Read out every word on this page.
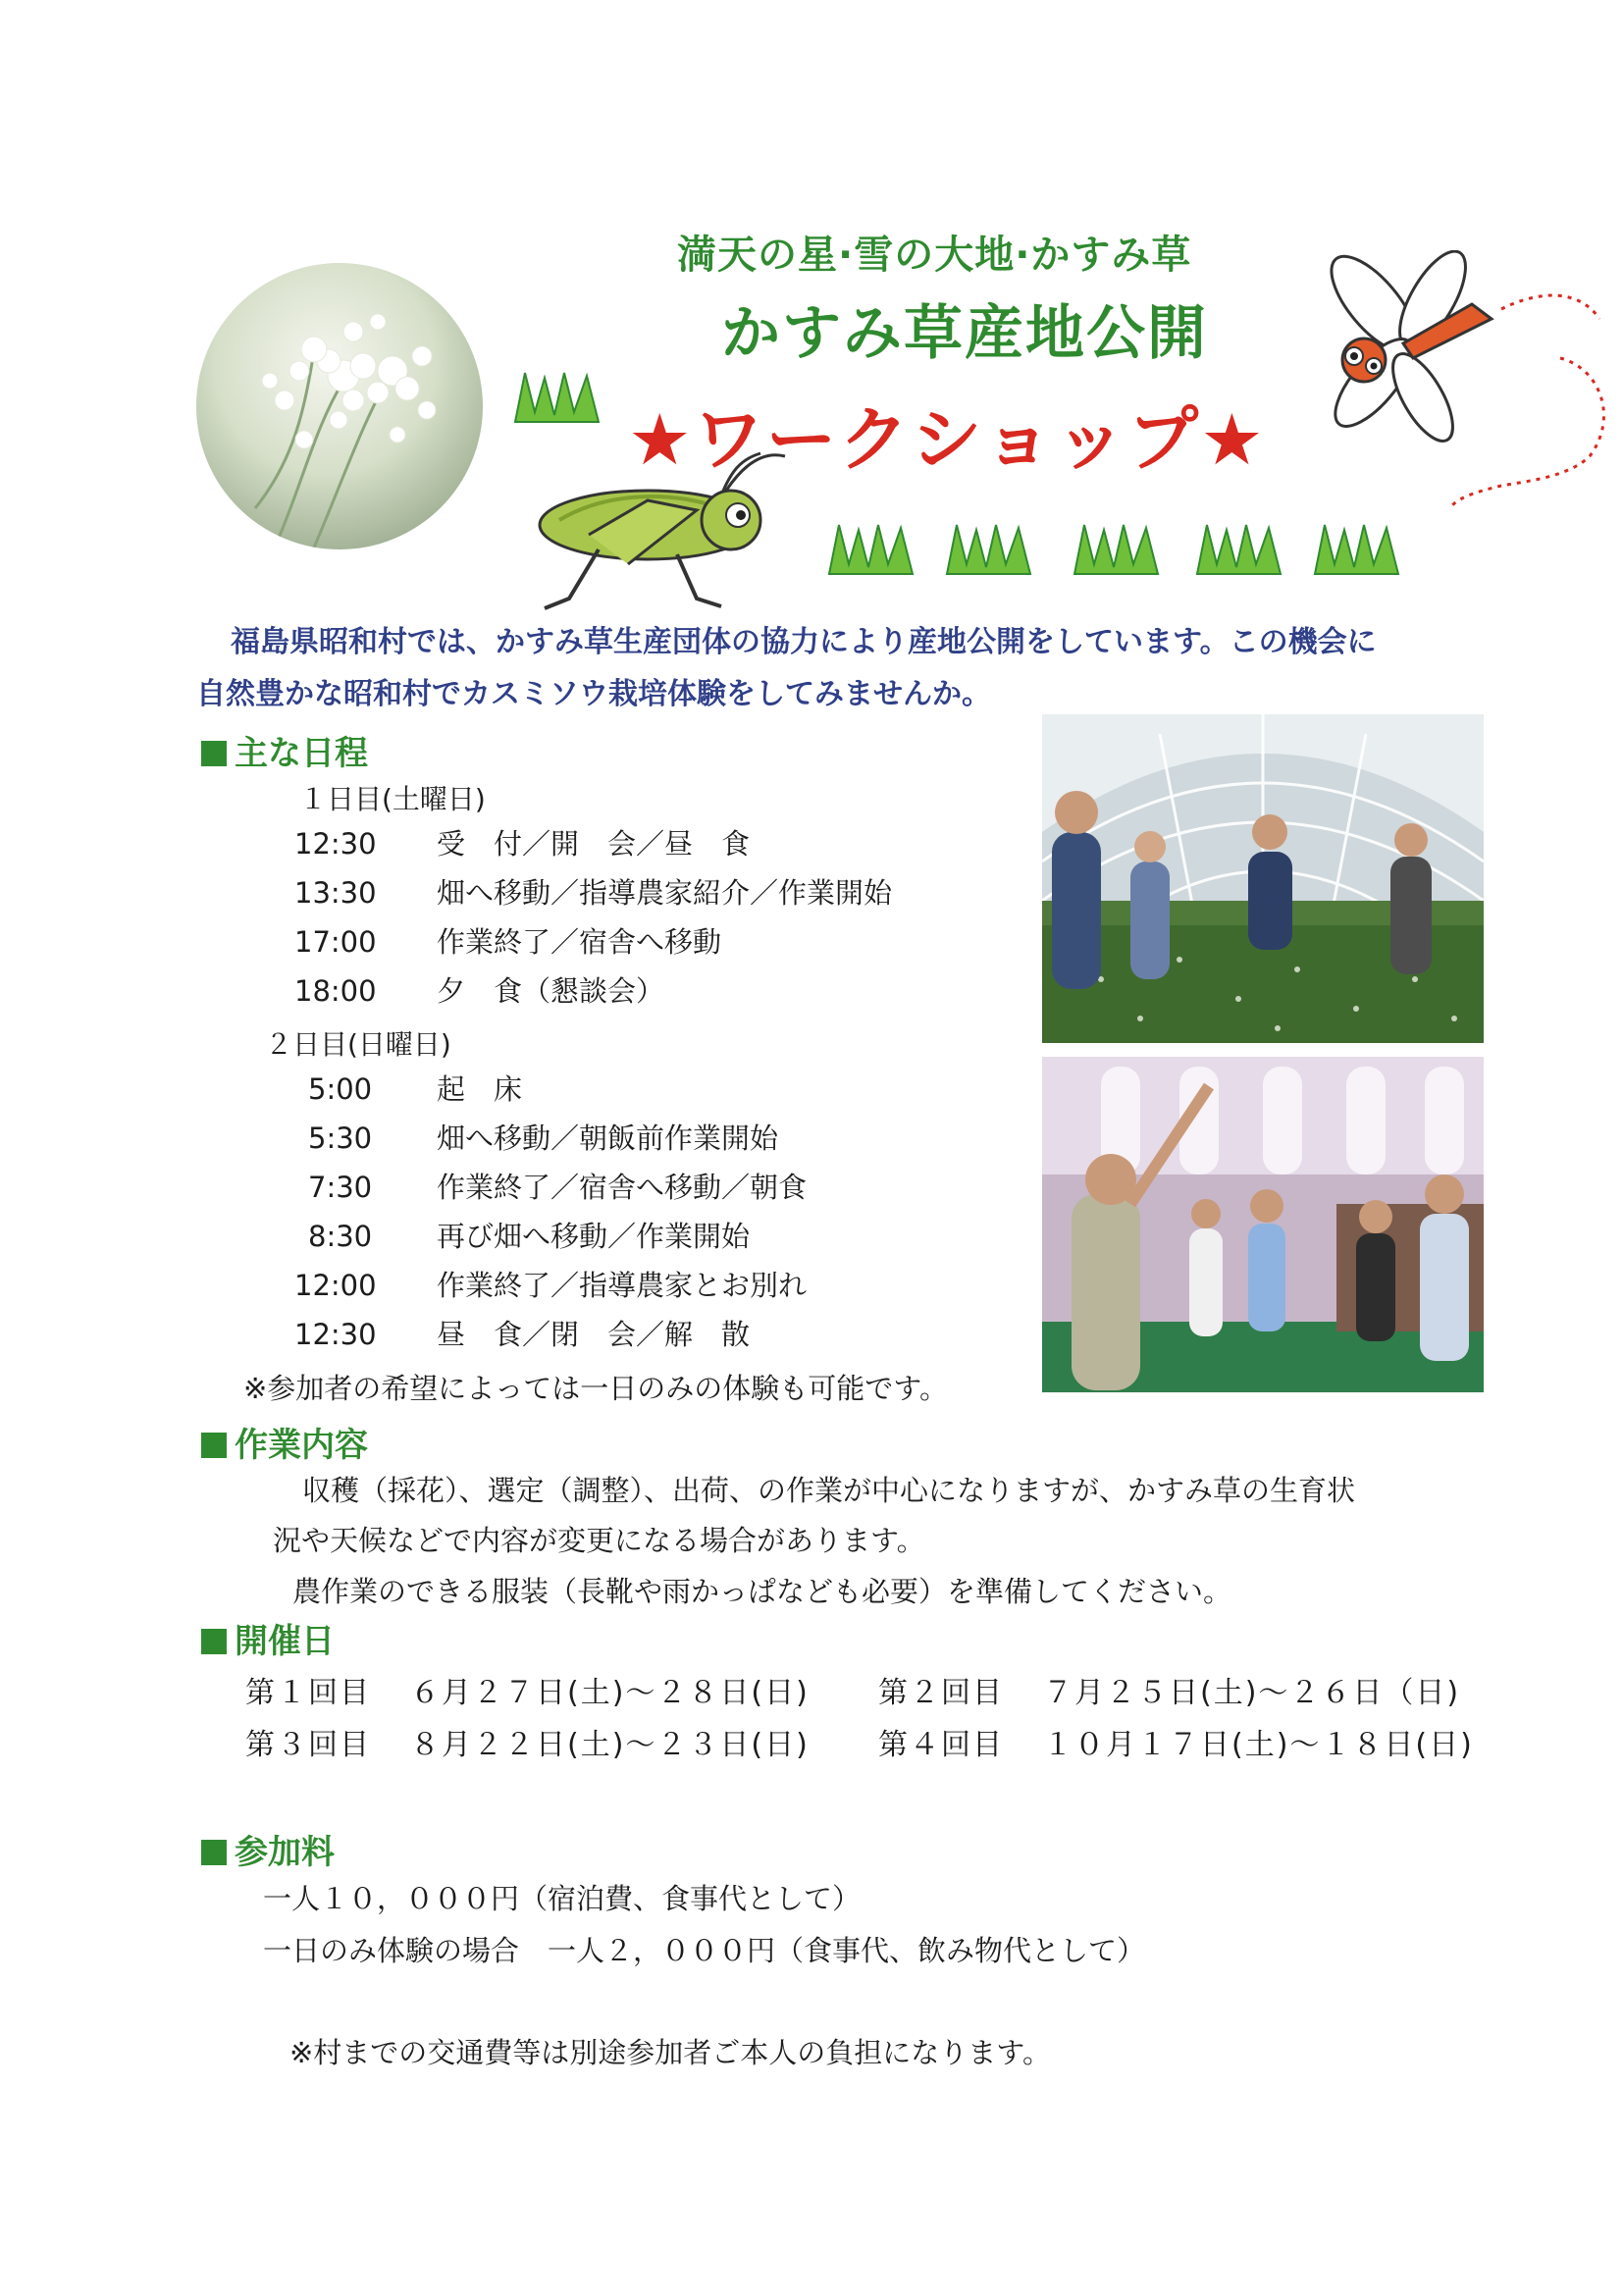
満天の星·雪の大地·かすみ草
かすみ草産地公開
★ワークショップ★
福島県昭和村では、かすみ草生産団体の協力により産地公開をしています。この機会に
自然豊かな昭和村でカスミソウ栽培体験をしてみませんか。
主な日程
１日目(土曜日)
12:30 受　付／開　会／昼　食
13:30 畑へ移動／指導農家紹介／作業開始
17:00 作業終了／宿舎へ移動
18:00 夕　食（懇談会）
２日目(日曜日)
5:00 起　床
5:30 畑へ移動／朝飯前作業開始
7:30 作業終了／宿舎へ移動／朝食
8:30 再び畑へ移動／作業開始
12:00 作業終了／指導農家とお別れ
12:30 昼　食／閉　会／解　散
※参加者の希望によっては一日のみの体験も可能です。
作業内容
収穫（採花）、選定（調整）、出荷、の作業が中心になりますが、かすみ草の生育状
況や天候などで内容が変更になる場合があります。
農作業のできる服装（長靴や雨かっぱなども必要）を準備してください。
開催日
第１回目 ６月２７日(土)～２８日(日) 第２回目 ７月２５日(土)～２６日（日)
第３回目 ８月２２日(土)～２３日(日) 第４回目 １０月１７日(土)～１８日(日)
参加料
一人１０，０００円（宿泊費、食事代として）
一日のみ体験の場合　一人２，０００円（食事代、飲み物代として）
※村までの交通費等は別途参加者ご本人の負担になります。
